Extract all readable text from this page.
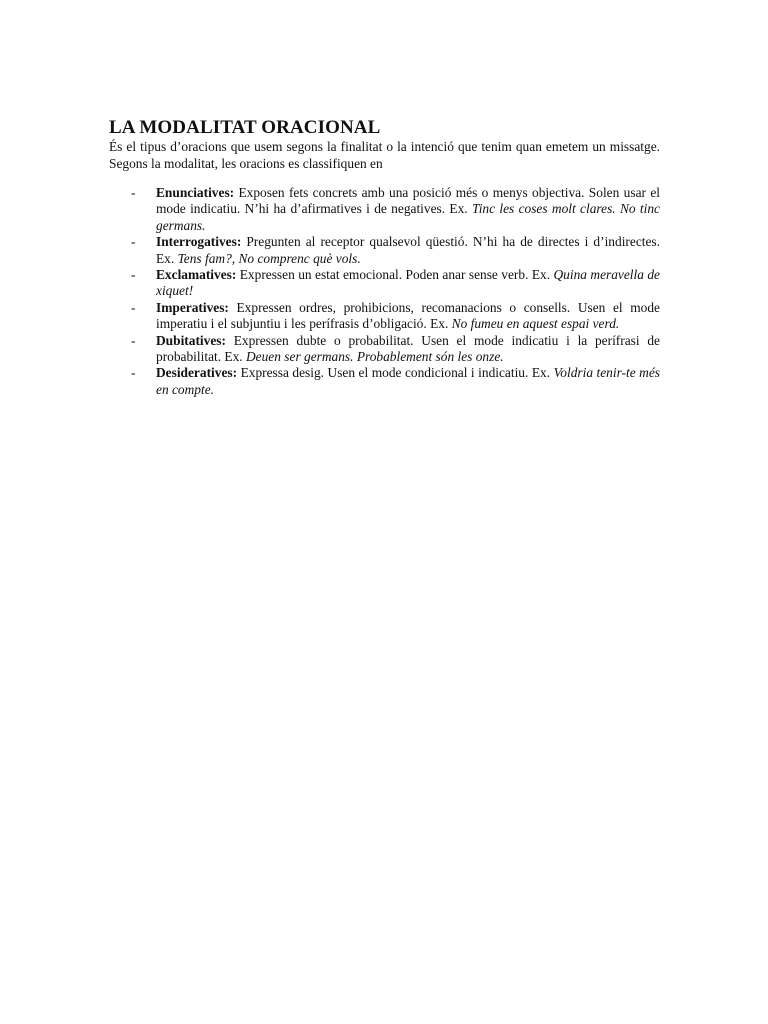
LA MODALITAT ORACIONAL

És el tipus d’oracions que usem segons la finalitat o la intenció que tenim quan emetem un missatge. Segons la modalitat, les oracions es classifiquen en

- Enunciatives: Exposen fets concrets amb una posició més o menys objectiva. Solen usar el mode indicatiu. N’hi ha d’afirmatives i de negatives. Ex. Tinc les coses molt clares. No tinc germans.
- Interrogatives: Pregunten al receptor qualsevol qüestió. N’hi ha de directes i d’indirectes. Ex. Tens fam?, No comprenc què vols.
- Exclamatives: Expressen un estat emocional. Poden anar sense verb. Ex. Quina meravella de xiquet!
- Imperatives: Expressen ordres, prohibicions, recomanacions o consells. Usen el mode imperatiu i el subjuntiu i les perífrasis d’obligació. Ex. No fumeu en aquest espai verd.
- Dubitatives: Expressen dubte o probabilitat. Usen el mode indicatiu i la perífrasi de probabilitat. Ex. Deuen ser germans. Probablement són les onze.
- Desideratives: Expressa desig. Usen el mode condicional i indicatiu. Ex. Voldria tenir-te més en compte.
